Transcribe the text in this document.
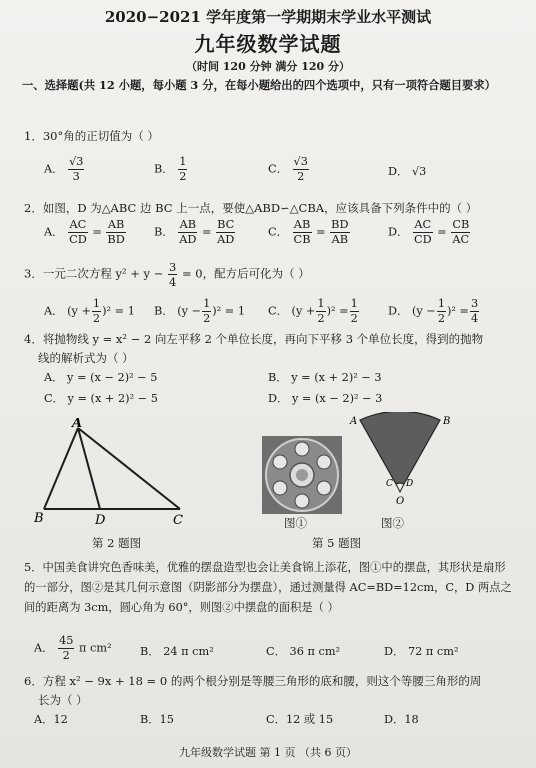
2020−2021 学年度第一学期期末学业水平测试
九年级数学试题
（时间 120 分钟 满分 120 分）
一、选择题(共 12 小题，每小题 3 分，在每小题给出的四个选项中，只有一项符合题目要求）
1．30°角的正切值为（ ）
A． $\frac{√3}{3}$	B． $\frac{1}{2}$	C． $\frac{√3}{2}$	D． √3
2．如图，D 为△ABC 边 BC 上一点，要使△ABD∽△CBA，应该具备下列条件中的（ ）
A． $\frac{AC}{CD} = \frac{AB}{BD}$ B． $\frac{AB}{AD} = \frac{BC}{AD}$	C． $\frac{AB}{CB} = \frac{BD}{AB}$	D． $\frac{AC}{CD} = \frac{CB}{AC}$
3．一元二次方程 $y^2 + y - \frac{3}{4} = 0$，配方后可化为（ ）
A． $(y + \frac{1}{2} )^2 = 1$ B． $(y - \frac{1}{2} )^2 = 1$ C． $(y + \frac{1}{2} )^2 = \frac{1}{2}$	D． $(y - \frac{1}{2} )^2 = \frac{3}{4}$
4．将抛物线 y = x² − 2 向左平移 2 个单位长度，再向下平移 3 个单位长度，得到的抛物
线的解析式为（ ）
A． y = (x − 2)² − 5	B． y = (x + 2)² − 3
C． y = (x + 2)² − 5	D． y = (x − 2)² − 3
A
B	D	C	图①
A	B
C D
O
图②
第 2 题图	第 5 题图
5．中国美食讲究色香味美，优雅的摆盘造型也会让美食锦上添花，图①中的摆盘，其形状是扇形的一部分，图②是其几何示意图（阴影部分为摆盘），通过测量得 AC=BD=12cm，C，D 两点之间的距离为 3cm，圆心角为 60°，则图②中摆盘的面积是（ ）
A． $\frac{45}{2}$ π cm²	B． 24 π cm²	C． 36 π cm²	D． 72 π cm²
6．方程 x² − 9x + 18 = 0 的两个根分别是等腰三角形的底和腰，则这个等腰三角形的周
长为（ ）
A．12	B．15	C．12 或 15	D．18
九年级数学试题 第 1 页 （共 6 页）
